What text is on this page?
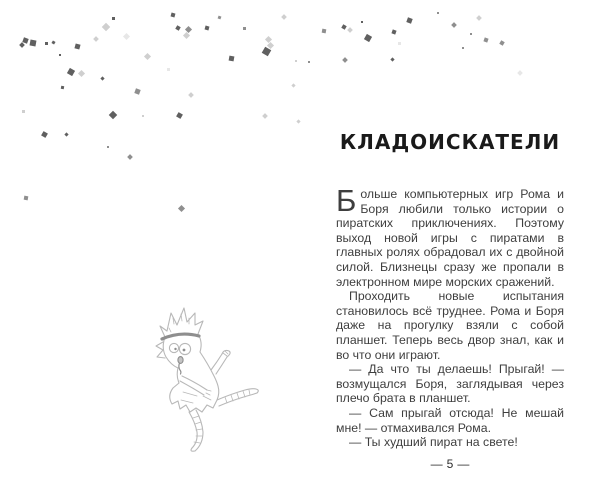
КЛАДОИСКАТЕЛИ

Больше компьютерных игр Рома и Боря любили только истории о пиратских приключениях. Поэтому выход новой игры с пиратами в главных ролях обрадовал их с двойной силой. Близнецы сразу же пропали в электронном мире морских сражений.

Проходить новые испытания становилось всё труднее. Рома и Боря даже на прогулку взяли с собой планшет. Теперь весь двор знал, как и во что они играют.

— Да что ты делаешь! Прыгай! — возмущался Боря, заглядывая через плечо брата в планшет.

— Сам прыгай отсюда! Не мешай мне! — отмахивался Рома.

— Ты худший пират на свете!

— 5 —
